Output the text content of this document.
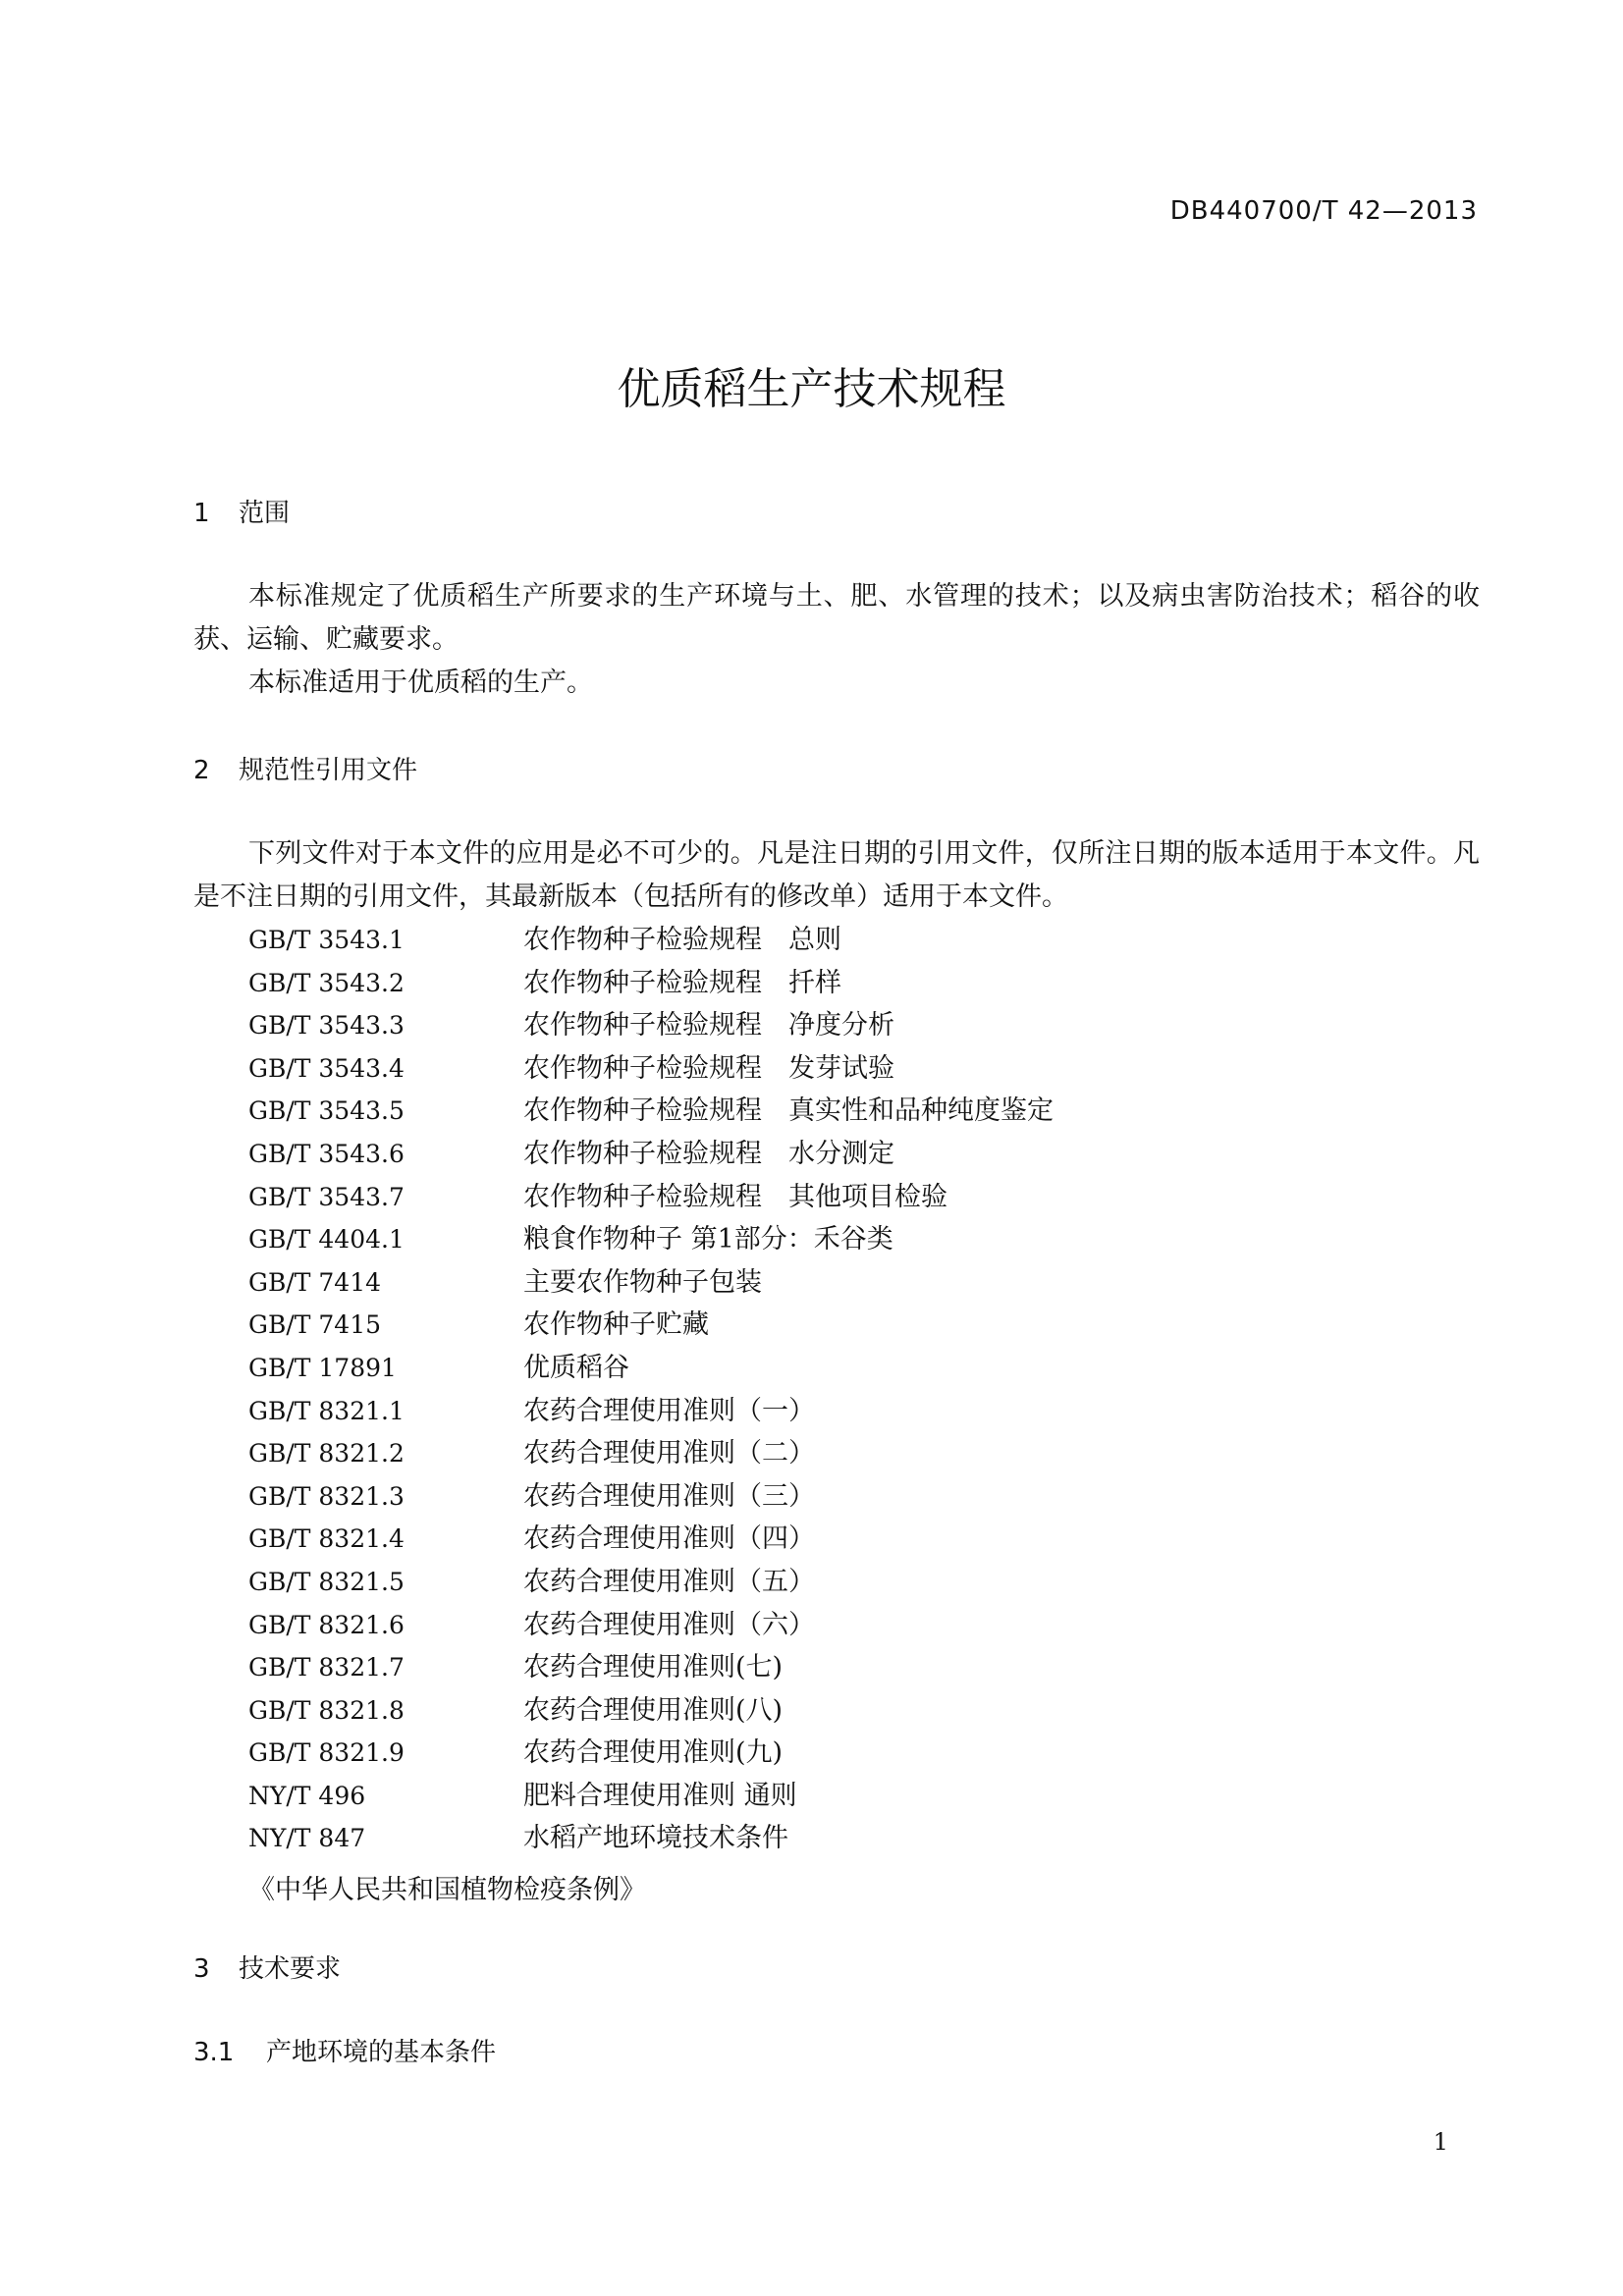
DB440700/T 42—2013
优质稻生产技术规程
1 范围

本标准规定了优质稻生产所要求的生产环境与土、肥、水管理的技术；以及病虫害防治技术；稻谷的收获、运输、贮藏要求。

本标准适用于优质稻的生产。

2 规范性引用文件

下列文件对于本文件的应用是必不可少的。凡是注日期的引用文件，仅所注日期的版本适用于本文件。凡是不注日期的引用文件，其最新版本（包括所有的修改单）适用于本文件。

GB/T 3543.1	农作物种子检验规程　总则
GB/T 3543.2	农作物种子检验规程　扦样
GB/T 3543.3	农作物种子检验规程　净度分析
GB/T 3543.4	农作物种子检验规程　发芽试验
GB/T 3543.5	农作物种子检验规程　真实性和品种纯度鉴定
GB/T 3543.6	农作物种子检验规程　水分测定
GB/T 3543.7	农作物种子检验规程　其他项目检验
GB/T 4404.1	粮食作物种子 第1部分：禾谷类
GB/T 7414	主要农作物种子包装
GB/T 7415	农作物种子贮藏
GB/T 17891	优质稻谷
GB/T 8321.1	农药合理使用准则（一）
GB/T 8321.2	农药合理使用准则（二）
GB/T 8321.3	农药合理使用准则（三）
GB/T 8321.4	农药合理使用准则（四）
GB/T 8321.5	农药合理使用准则（五）
GB/T 8321.6	农药合理使用准则（六）
GB/T 8321.7	农药合理使用准则(七)
GB/T 8321.8	农药合理使用准则(八)
GB/T 8321.9	农药合理使用准则(九)
NY/T 496	肥料合理使用准则 通则
NY/T 847	水稻产地环境技术条件
《中华人民共和国植物检疫条例》
3 技术要求
3.1 产地环境的基本条件
1
